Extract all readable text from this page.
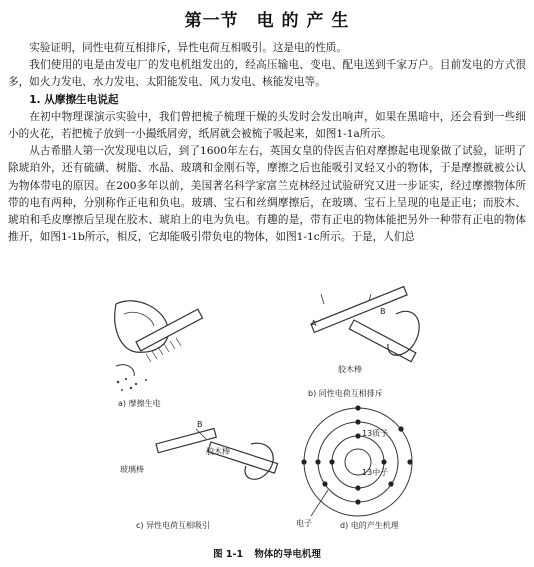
第一节　电 的 产 生

实验证明，同性电荷互相排斥，异性电荷互相吸引。这是电的性质。

我们使用的电是由发电厂的发电机组发出的，经高压输电、变电、配电送到千家万户。目前发电的方式很多，如火力发电、水力发电、太阳能发电、风力发电、核能发电等。

1. 从摩擦生电说起

在初中物理课演示实验中，我们曾把梳子梳理干燥的头发时会发出响声，如果在黑暗中，还会看到一些细小的火花，若把梳子放到一小撮纸屑旁，纸屑就会被梳子吸起来，如图1-1a所示。

从古希腊人第一次发现电以后，到了1600年左右，英国女皇的侍医吉伯对摩擦起电现象做了试验，证明了除琥珀外，还有硫磺、树脂、水晶、玻璃和金刚石等，摩擦之后也能吸引叉轻又小的物体，于是摩擦就被公认为物体带电的原因。在200多年以前，美国著名科学家富兰克林经过试验研究又进一步证实，经过摩擦物体所带的电有两种，分别称作正电和负电。玻璃、宝石和丝绸摩擦后，在玻璃、宝石上呈现的电是正电；而胶木、琥珀和毛皮摩擦后呈现在胶木、琥珀上的电为负电。有趣的是，带有正电的物体能把另外一种带有正电的物体推开，如图1-1b所示，相反，它却能吸引带负电的物体，如图1-1c所示。于是，人们总

a) 摩擦生电
A
B
胶木棒
b) 同性电荷互相排斥
B
胶木棒
玻璃棒
c) 异性电荷互相吸引
13质子
13中子
电子	d) 电的产生机理
图 1-1 物体的导电机理
